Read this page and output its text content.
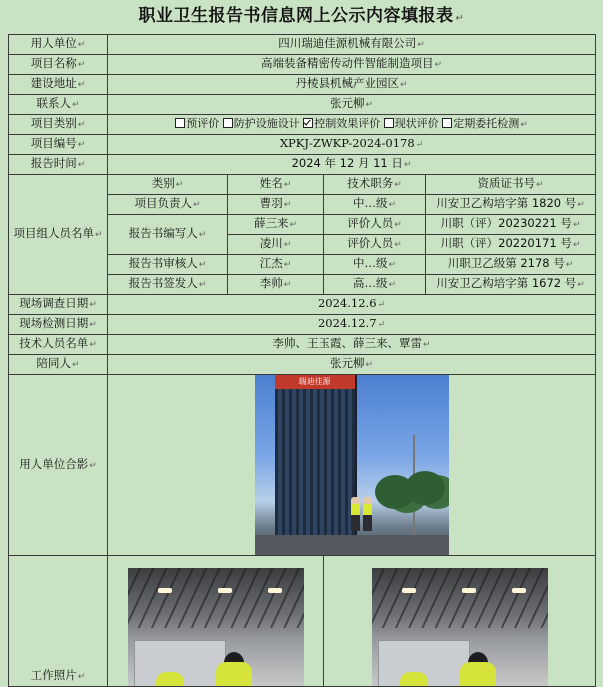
职业卫生报告书信息网上公示内容填报表 ↵
用人单位↵	四川瑞迪佳源机械有限公司↵			
项目名称↵	高端装备精密传动件智能制造项目↵			
建设地址↵	丹棱县机械产业园区↵			
联系人↵	张元柳↵			
项目类别↵	预评价 防护设施设计 控制效果评价 现状评价 定期委托检测↵			
项目编号↵	XPKJ-ZWKP-2024-0178↵			
报告时间↵	2024 年 12 月 11 日↵			
项目组人员名单↵	类别↵	姓名↵	技术职务↵	资质证书号↵
	项目负责人↵	曹羽↵	中…级↵	川安卫乙构培字第 1820 号↵
	报告书编写人↵	薛三来↵	评价人员↵	川职（评）20230221 号↵
		凌川↵	评价人员↵	川职（评）20220171 号↵
	报告书审核人↵	江杰↵	中…级↵	川职卫乙级第 2178 号↵
	报告书签发人↵	李帅↵	高…级↵	川安卫乙构培字第 1672 号↵
现场调查日期↵	2024.12.6↵			
现场检测日期↵	2024.12.7↵			
技术人员名单↵	李帅、王玉霞、薛三来、覃雷↵			
陪同人↵	张元柳↵			
用人单位合影↵	瑞迪佳源			

工作照片↵			
